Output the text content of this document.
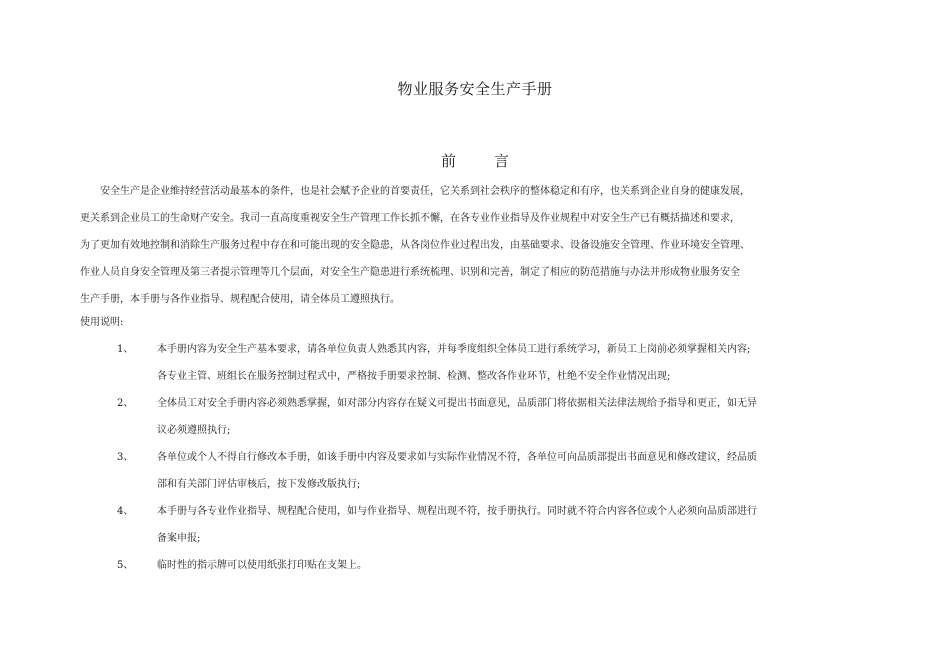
物业服务安全生产手册
前	言

安全生产是企业维持经营活动最基本的条件，也是社会赋予企业的首要责任，它关系到社会秩序的整体稳定和有序，也关系到企业自身的健康发展，

更关系到企业员工的生命财产安全。我司一直高度重视安全生产管理工作长抓不懈，在各专业作业指导及作业规程中对安全生产已有概括描述和要求，

为了更加有效地控制和消除生产服务过程中存在和可能出现的安全隐患，从各岗位作业过程出发，由基础要求、设备设施安全管理、作业环境安全管理、

作业人员自身安全管理及第三者提示管理等几个层面，对安全生产隐患进行系统梳理、识别和完善，制定了相应的防范措施与办法并形成物业服务安全

生产手册，本手册与各作业指导、规程配合使用，请全体员工遵照执行。

使用说明:

1、 本手册内容为安全生产基本要求，请各单位负责人熟悉其内容，并每季度组织全体员工进行系统学习，新员工上岗前必须掌握相关内容;
各专业主管、班组长在服务控制过程式中，严格按手册要求控制、检测、整改各作业环节，杜绝不安全作业情况出现;
2、 全体员工对安全手册内容必须熟悉掌握，如对部分内容存在疑义可提出书面意见，品质部门将依据相关法律法规给予指导和更正，如无异
议必须遵照执行;
3、 各单位或个人不得自行修改本手册，如该手册中内容及要求如与实际作业情况不符，各单位可向品质部提出书面意见和修改建议，经品质
部和有关部门评估审核后，按下发修改版执行;
4、 本手册与各专业作业指导、规程配合使用，如与作业指导、规程出现不符，按手册执行。同时就不符合内容各位或个人必须向品质部进行
备案申报;
5、 临时性的指示牌可以使用纸张打印贴在支架上。
